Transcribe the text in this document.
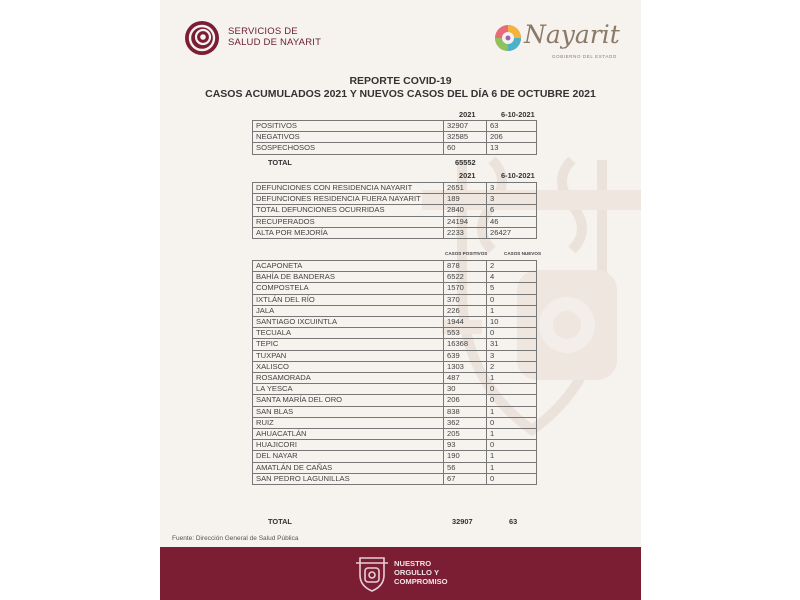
SERVICIOS DE
SALUD DE NAYARIT	Nayarit
GOBIERNO DEL ESTADO
REPORTE COVID-19
CASOS ACUMULADOS 2021 Y NUEVOS CASOS DEL DÍA 6 DE OCTUBRE 2021
2021	6-10-2021
POSITIVOS	32907	63
NEGATIVOS	32585	206
SOSPECHOSOS	60	13
TOTAL	65552
2021	6-10-2021
DEFUNCIONES CON RESIDENCIA NAYARIT	2651	3
DEFUNCIONES RESIDENCIA FUERA NAYARIT	189	3
TOTAL DEFUNCIONES OCURRIDAS	2840	6
RECUPERADOS	24194	46
ALTA POR MEJORÍA	2233	26427
CASOS POSITIVOS	CASOS NUEVOS
ACAPONETA	878	2
BAHÍA DE BANDERAS	6522	4
COMPOSTELA	1570	5
IXTLÁN DEL RÍO	370	0
JALA	226	1
SANTIAGO IXCUINTLA	1944	10
TECUALA	553	0
TEPIC	16368	31
TUXPAN	639	3
XALISCO	1303	2
ROSAMORADA	487	1
LA YESCA	30	0
SANTA MARÍA DEL ORO	206	0
SAN BLAS	838	1
RUIZ	362	0
AHUACATLÁN	205	1
HUAJICORI	93	0
DEL NAYAR	190	1
AMATLÁN DE CAÑAS	56	1
SAN PEDRO LAGUNILLAS	67	0
TOTAL	32907	63
Fuente: Dirección General de Salud Pública
NUESTRO
ORGULLO Y
COMPROMISO
